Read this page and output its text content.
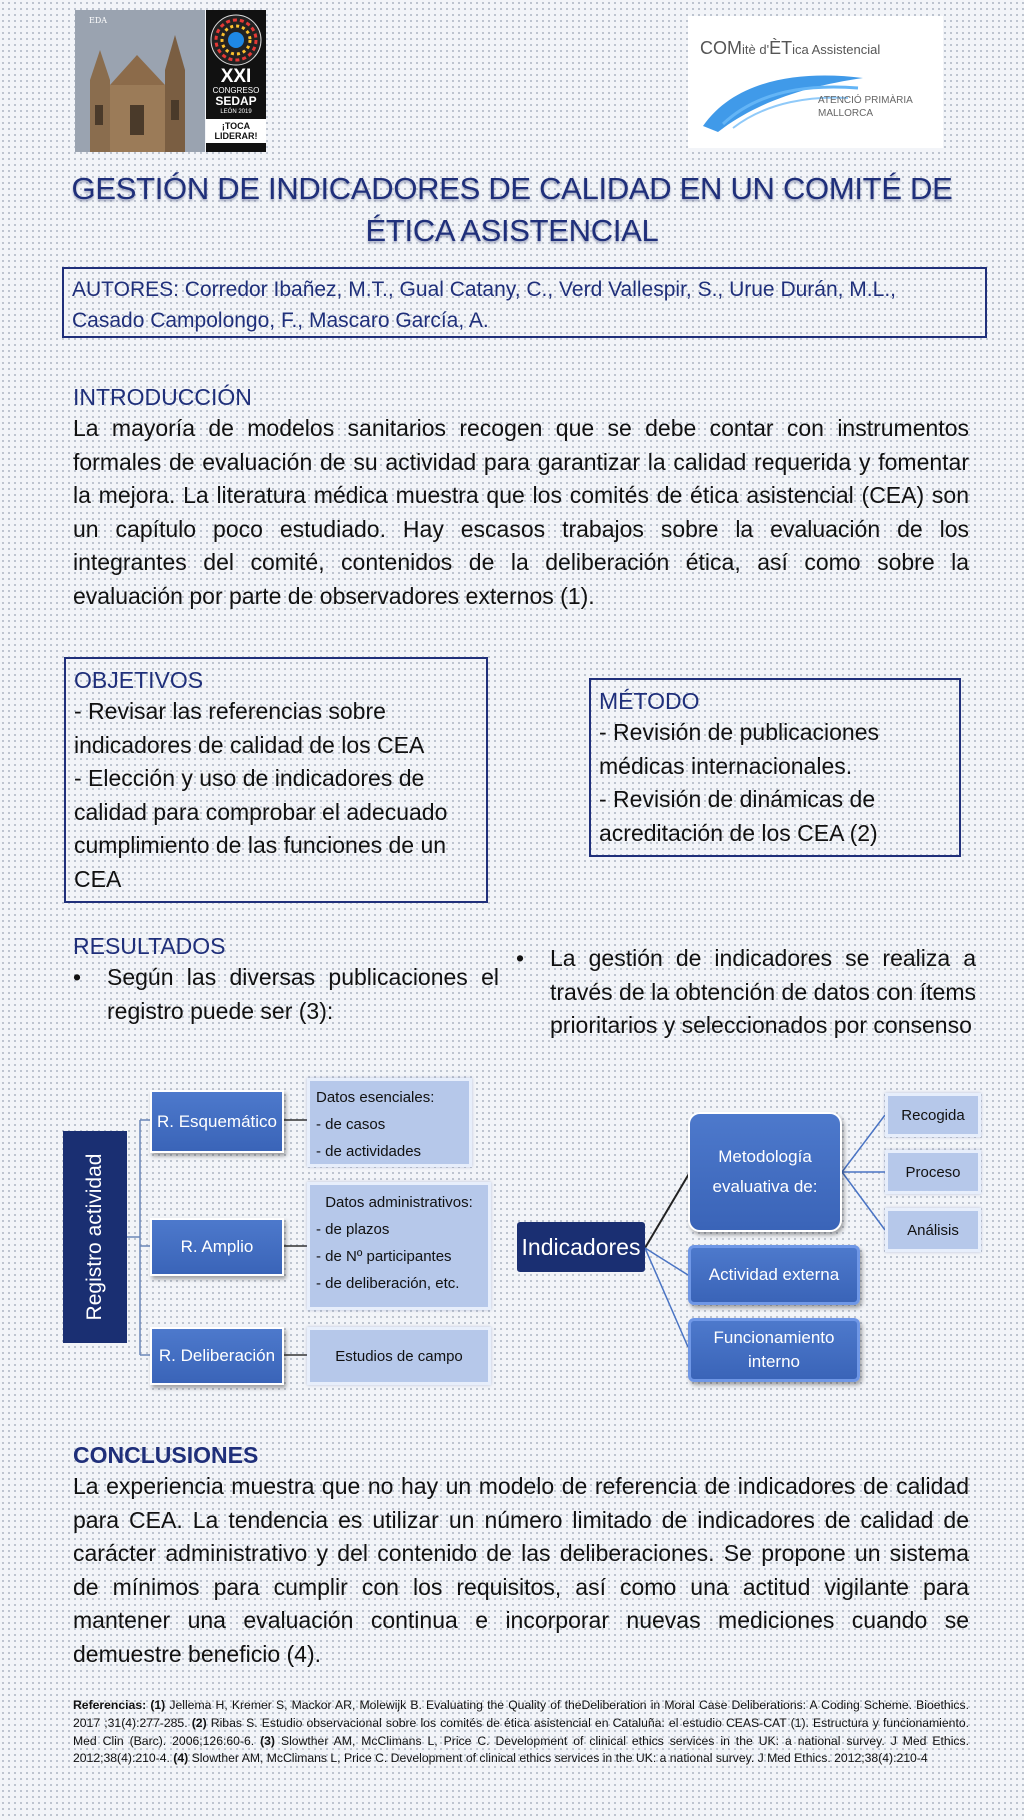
EDA
XXI
CONGRESO
SEDAP
LEÓN 2019
¡TOCA
LIDERAR!
COMitè d'ÈTica Assistencial
ATENCIÓ PRIMÀRIA
MALLORCA
GESTIÓN DE INDICADORES DE CALIDAD EN UN COMITÉ DE
ÉTICA ASISTENCIAL
AUTORES: Corredor Ibañez, M.T., Gual Catany, C., Verd Vallespir, S., Urue Durán, M.L.,
Casado Campolongo, F., Mascaro García, A.
INTRODUCCIÓN
La mayoría de modelos sanitarios recogen que se debe contar con instrumentos formales de evaluación de su actividad para garantizar la calidad requerida y fomentar la mejora. La literatura médica muestra que los comités de ética asistencial (CEA) son un capítulo poco estudiado. Hay escasos trabajos sobre la evaluación de los integrantes del comité, contenidos de la deliberación ética, así como sobre la evaluación por parte de observadores externos (1).
OBJETIVOS
- Revisar las referencias sobre indicadores de calidad de los CEA
- Elección y uso de indicadores de calidad para comprobar el adecuado cumplimiento de las funciones de un CEA
MÉTODO
- Revisión de publicaciones médicas internacionales.
- Revisión de dinámicas de acreditación de los CEA (2)
RESULTADOS
•	Según las diversas publicaciones el registro puede ser (3):
•	La gestión de indicadores se realiza a través de la obtención de datos con ítems prioritarios y seleccionados por consenso
Registro actividad
R. Esquemático
R. Amplio
R. Deliberación
Datos esenciales:
- de casos
- de actividades
Datos administrativos:
- de plazos
- de Nº participantes
- de deliberación, etc.
Estudios de campo
Indicadores
Metodología evaluativa de:
Actividad externa
Funcionamiento interno
Recogida
Proceso
Análisis
CONCLUSIONES
La experiencia muestra que no hay un modelo de referencia de indicadores de calidad para CEA. La tendencia es utilizar un número limitado de indicadores de calidad de carácter administrativo y del contenido de las deliberaciones. Se propone un sistema de mínimos para cumplir con los requisitos, así como una actitud vigilante para mantener una evaluación continua e incorporar nuevas mediciones cuando se demuestre beneficio (4).
Referencias: (1) Jellema H, Kremer S, Mackor AR, Molewijk B. Evaluating the Quality of theDeliberation in Moral Case Deliberations: A Coding Scheme. Bioethics. 2017 ;31(4):277-285. (2) Ribas S. Estudio observacional sobre los comités de ética asistencial en Cataluña: el estudio CEAS-CAT (1). Estructura y funcionamiento. Med Clin (Barc). 2006;126:60-6. (3) Slowther AM, McClimans L, Price C. Development of clinical ethics services in the UK: a national survey. J Med Ethics. 2012;38(4):210-4. (4) Slowther AM, McClimans L, Price C. Development of clinical ethics services in the UK: a national survey. J Med Ethics. 2012;38(4):210-4
